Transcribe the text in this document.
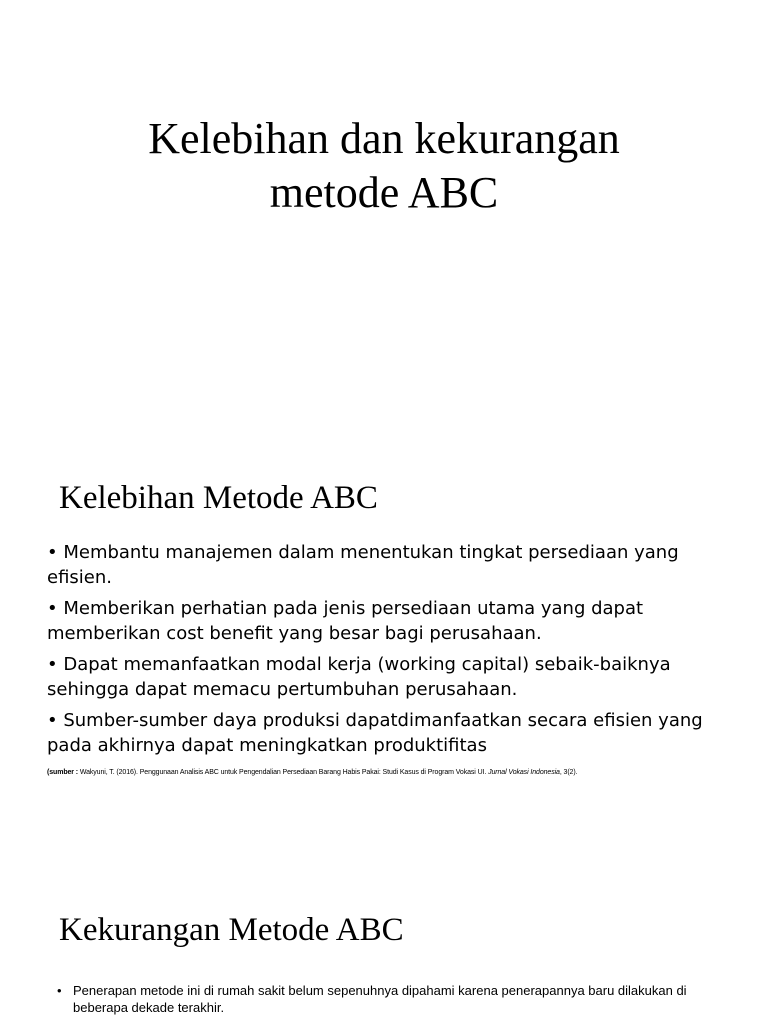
Kelebihan dan kekurangan
metode ABC
Kelebihan Metode ABC
• Membantu manajemen dalam menentukan tingkat persediaan yang efisien.
• Memberikan perhatian pada jenis persediaan utama yang dapat memberikan cost benefit yang besar bagi perusahaan.
• Dapat memanfaatkan modal kerja (working capital) sebaik-baiknya sehingga dapat memacu pertumbuhan perusahaan.
• Sumber-sumber daya produksi dapatdimanfaatkan secara efisien yang pada akhirnya dapat meningkatkan produktifitas
(sumber : Wakyuni, T. (2016). Penggunaan Analisis ABC untuk Pengendalian Persediaan Barang Habis Pakai: Studi Kasus di Program Vokasi UI. Jurnal Vokasi Indonesia, 3(2).
Kekurangan Metode ABC
• Penerapan metode ini di rumah sakit belum sepenuhnya dipahami karena penerapannya baru dilakukan di beberapa dekade terakhir.
